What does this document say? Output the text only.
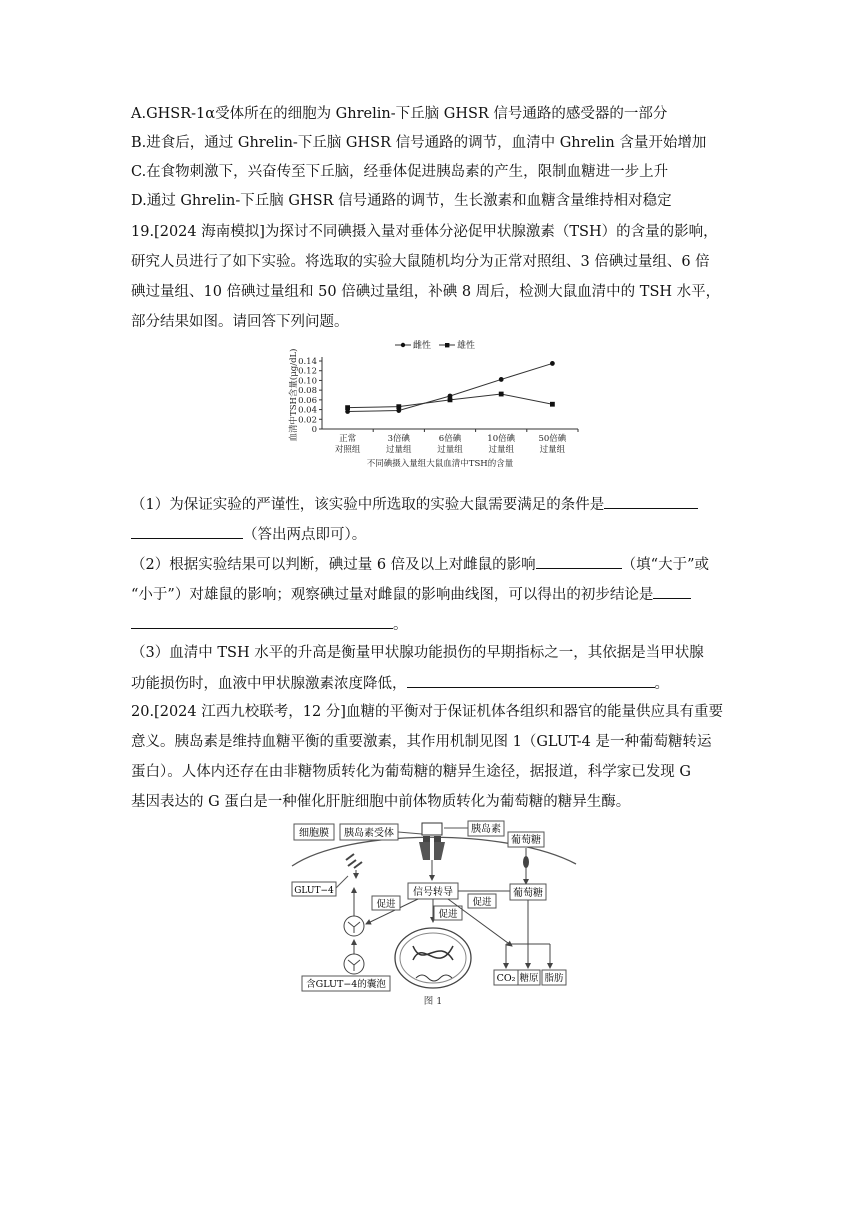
A.GHSR-1α受体所在的细胞为 Ghrelin-下丘脑 GHSR 信号通路的感受器的一部分
B.进食后，通过 Ghrelin-下丘脑 GHSR 信号通路的调节，血清中 Ghrelin 含量开始增加
C.在食物刺激下，兴奋传至下丘脑，经垂体促进胰岛素的产生，限制血糖进一步上升
D.通过 Ghrelin-下丘脑 GHSR 信号通路的调节，生长激素和血糖含量维持相对稳定
19.[2024 海南模拟]为探讨不同碘摄入量对垂体分泌促甲状腺激素（TSH）的含量的影响，
研究人员进行了如下实验。将选取的实验大鼠随机均分为正常对照组、3 倍碘过量组、6 倍
碘过量组、10 倍碘过量组和 50 倍碘过量组，补碘 8 周后，检测大鼠血清中的 TSH 水平，
部分结果如图。请回答下列问题。
0
0.02
0.04
0.06
0.08
0.10
0.12
0.14
血清中TSH含量(μg/dL)	正常
对照组
3倍碘
过量组
6倍碘
过量组
10倍碘
过量组
50倍碘
过量组
不同碘摄入量组大鼠血清中TSH的含量
雌性	雄性
（1）为保证实验的严谨性，该实验中所选取的实验大鼠需要满足的条件是
（答出两点即可）。
（2）根据实验结果可以判断，碘过量 6 倍及以上对雌鼠的影响	（填“大于”或
“小于”）对雄鼠的影响；观察碘过量对雌鼠的影响曲线图，可以得出的初步结论是
。
（3）血清中 TSH 水平的升高是衡量甲状腺功能损伤的早期指标之一，其依据是当甲状腺
功能损伤时，血液中甲状腺激素浓度降低，	。
20.[2024 江西九校联考，12 分]血糖的平衡对于保证机体各组织和器官的能量供应具有重要
意义。胰岛素是维持血糖平衡的重要激素，其作用机制见图 1（GLUT-4 是一种葡萄糖转运
蛋白）。人体内还存在由非糖物质转化为葡萄糖的糖异生途径，据报道，科学家已发现 G
基因表达的 G 蛋白是一种催化肝脏细胞中前体物质转化为葡萄糖的糖异生酶。
细胞膜 胰岛素受体	胰岛素
葡萄糖
GLUT−4
含GLUT−4的囊泡
信号转导
促进
促进
促进
葡萄糖
CO₂ 糖原 脂肪
图 1
